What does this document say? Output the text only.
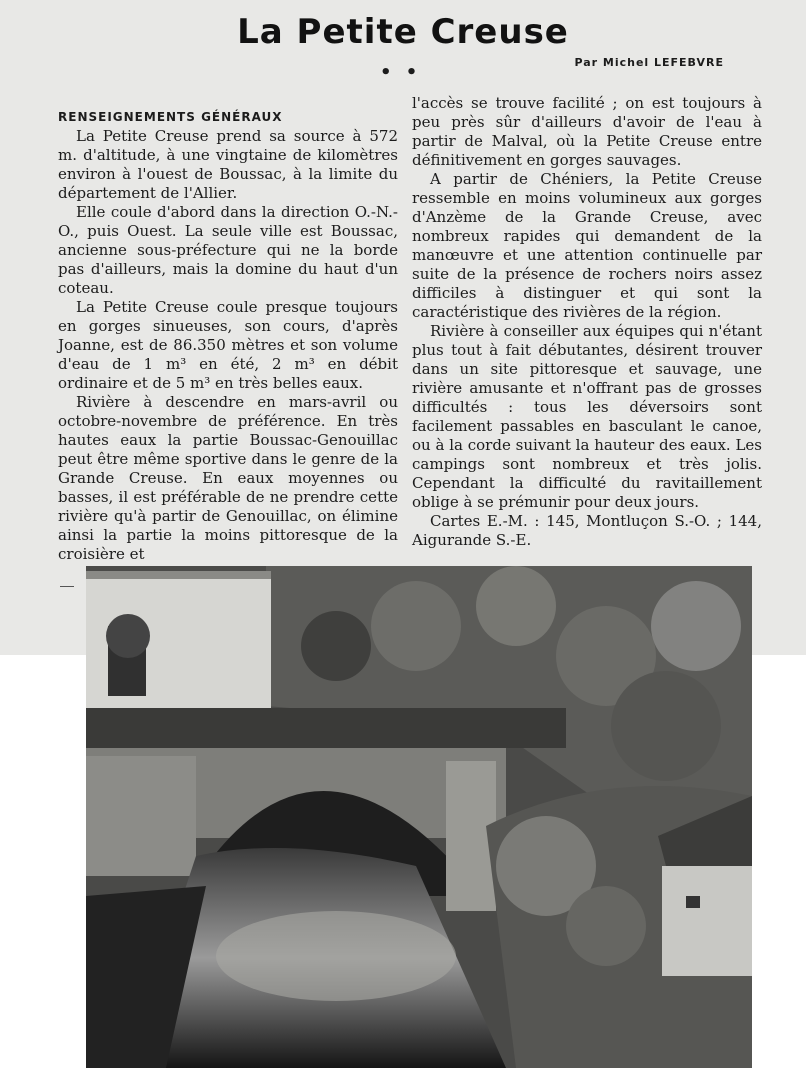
La Petite Creuse
• •	Par Michel LEFEBVRE

RENSEIGNEMENTS GÉNÉRAUX

La Petite Creuse prend sa source à 572 m. d'altitude, à une vingtaine de kilomètres environ à l'ouest de Boussac, à la limite du département de l'Allier.

Elle coule d'abord dans la direction O.-N.-O., puis Ouest. La seule ville est Boussac, ancienne sous-préfecture qui ne la borde pas d'ailleurs, mais la domine du haut d'un coteau.

La Petite Creuse coule presque toujours en gorges sinueuses, son cours, d'après Joanne, est de 86.350 mètres et son volume d'eau de 1 m³ en été, 2 m³ en débit ordinaire et de 5 m³ en très belles eaux.

Rivière à descendre en mars-avril ou octobre-novembre de préférence. En très hautes eaux la partie Boussac-Genouillac peut être même sportive dans le genre de la Grande Creuse. En eaux moyennes ou basses, il est préférable de ne prendre cette rivière qu'à partir de Genouillac, on élimine ainsi la partie la moins pittoresque de la croisière et

l'accès se trouve facilité ; on est toujours à peu près sûr d'ailleurs d'avoir de l'eau à partir de Malval, où la Petite Creuse entre définitivement en gorges sauvages.

A partir de Chéniers, la Petite Creuse ressemble en moins volumineux aux gorges d'Anzème de la Grande Creuse, avec nombreux rapides qui demandent de la manœuvre et une attention continuelle par suite de la présence de rochers noirs assez difficiles à distinguer et qui sont la caractéristique des rivières de la région.

Rivière à conseiller aux équipes qui n'étant plus tout à fait débutantes, désirent trouver dans un site pittoresque et sauvage, une rivière amusante et n'offrant pas de grosses difficultés : tous les déversoirs sont facilement passables en basculant le canoe, ou à la corde suivant la hauteur des eaux. Les campings sont nombreux et très jolis. Cependant la difficulté du ravitaillement oblige à se prémunir pour deux jours.

Cartes E.-M. : 145, Montluçon S.-O. ; 144, Aigurande S.-E.
